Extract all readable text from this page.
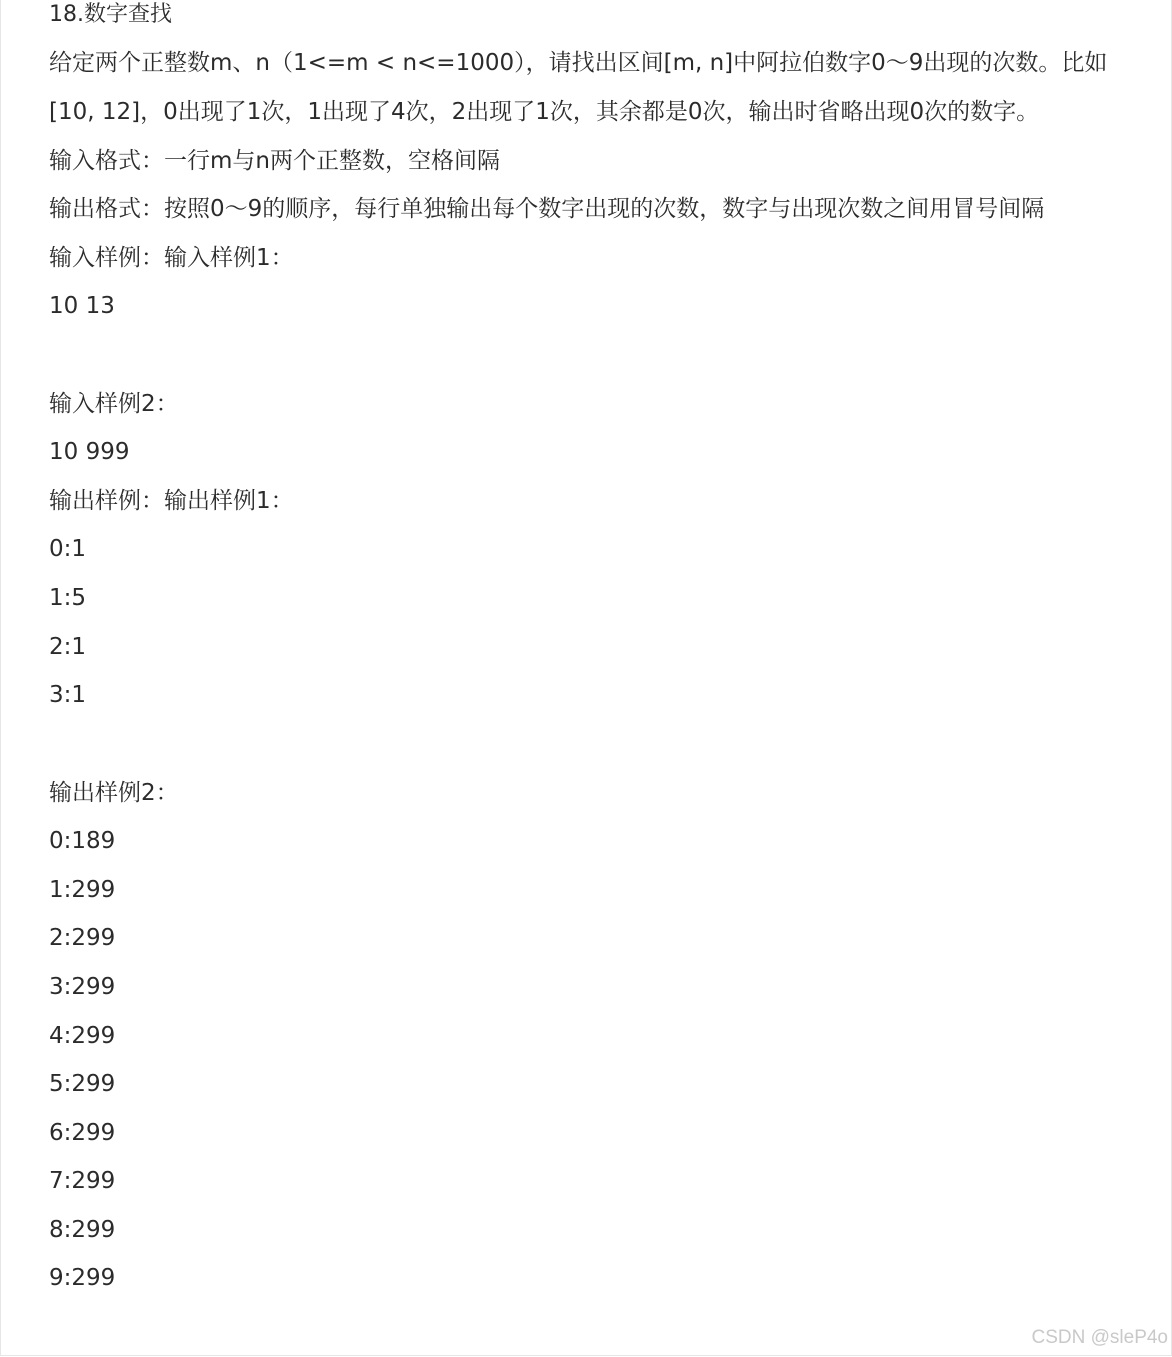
18.数字查找
给定两个正整数m、n（1<=m < n<=1000），请找出区间[m, n]中阿拉伯数字0～9出现的次数。比如
[10, 12]，0出现了1次，1出现了4次，2出现了1次，其余都是0次，输出时省略出现0次的数字。
输入格式：一行m与n两个正整数，空格间隔
输出格式：按照0～9的顺序，每行单独输出每个数字出现的次数，数字与出现次数之间用冒号间隔
输入样例：输入样例1：
10 13
输入样例2：
10 999
输出样例：输出样例1：
0:1
1:5
2:1
3:1
输出样例2：
0:189
1:299
2:299
3:299
4:299
5:299
6:299
7:299
8:299
9:299
CSDN @sleP4o
